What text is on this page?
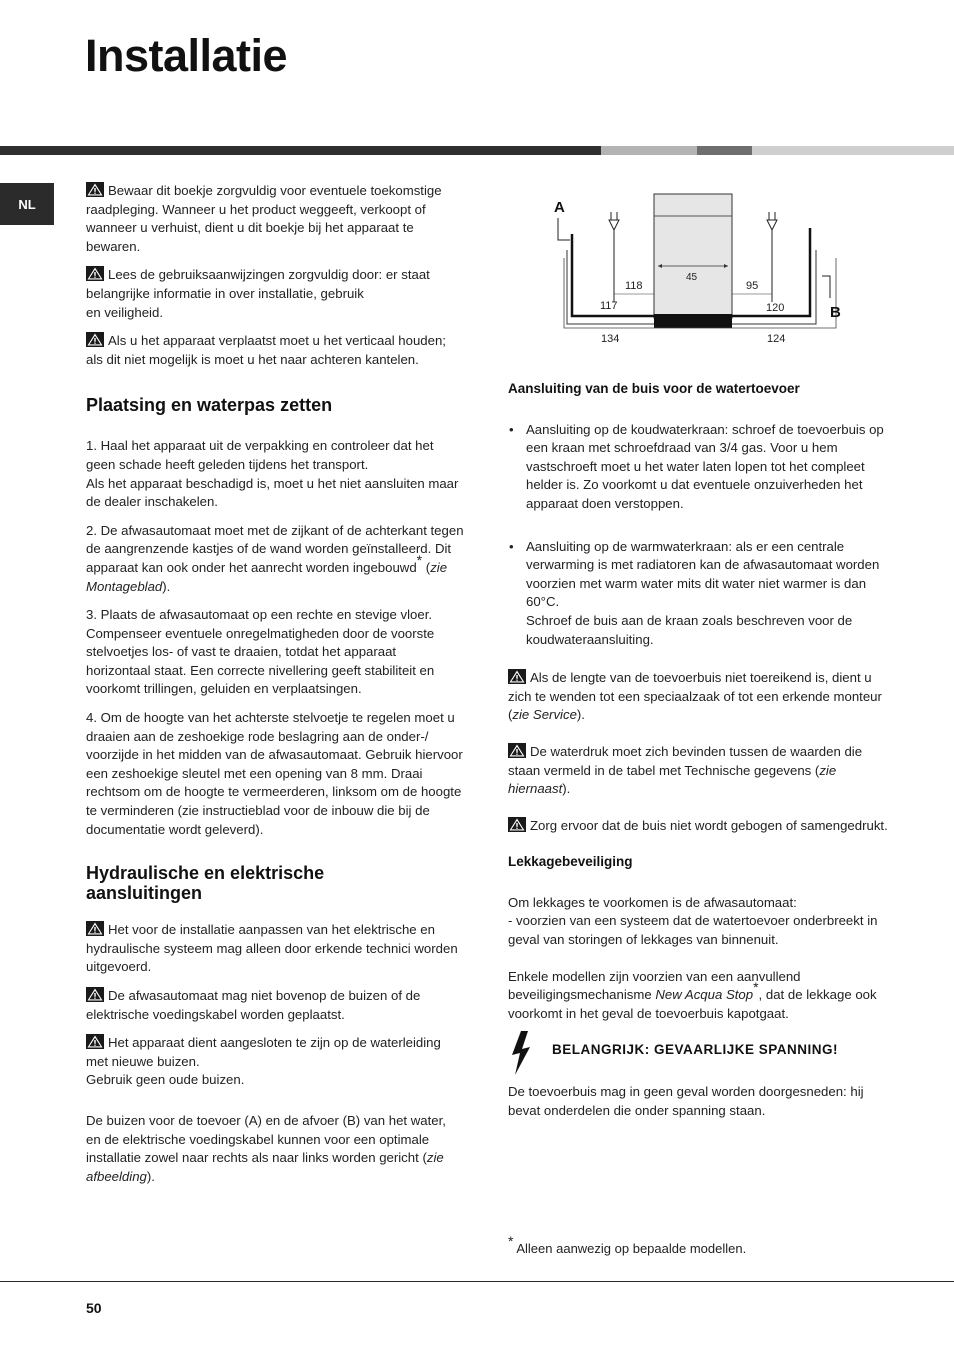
Installatie
NL

Bewaar dit boekje zorgvuldig voor eventuele toekomstige raadpleging. Wanneer u het product weggeeft, verkoopt of wanneer u verhuist, dient u dit boekje bij het apparaat te bewaren.

Lees de gebruiksaanwijzingen zorgvuldig door: er staat belangrijke informatie in over installatie, gebruik
en veiligheid.

Als u het apparaat verplaatst moet u het verticaal houden; als dit niet mogelijk is moet u het naar achteren kantelen.

Plaatsing en waterpas zetten

1. Haal het apparaat uit de verpakking en controleer dat het geen schade heeft geleden tijdens het transport.
Als het apparaat beschadigd is, moet u het niet aansluiten maar de dealer inschakelen.

2. De afwasautomaat moet met de zijkant of de achterkant tegen de aangrenzende kastjes of de wand worden geïnstalleerd. Dit apparaat kan ook onder het aanrecht worden ingebouwd* (zie Montageblad).

3. Plaats de afwasautomaat op een rechte en stevige vloer. Compenseer eventuele onregelmatigheden door de voorste stelvoetjes los- of vast te draaien, totdat het apparaat horizontaal staat. Een correcte nivellering geeft stabiliteit en voorkomt trillingen, geluiden en verplaatsingen.

4. Om de hoogte van het achterste stelvoetje te regelen moet u draaien aan de zeshoekige rode beslagring aan de onder-/ voorzijde in het midden van de afwasautomaat. Gebruik hiervoor een zeshoekige sleutel met een opening van 8 mm. Draai rechtsom om de hoogte te vermeerderen, linksom om de hoogte te verminderen (zie instructieblad voor de inbouw die bij de documentatie wordt geleverd).

Hydraulische en elektrische aansluitingen

Het voor de installatie aanpassen van het elektrische en hydraulische systeem mag alleen door erkende technici worden uitgevoerd.

De afwasautomaat mag niet bovenop de buizen of de elektrische voedingskabel worden geplaatst.

Het apparaat dient aangesloten te zijn op de waterleiding met nieuwe buizen.
Gebruik geen oude buizen.

De buizen voor de toevoer (A) en de afvoer (B) van het water, en de elektrische voedingskabel kunnen voor een optimale installatie zowel naar rechts als naar links worden gericht (zie afbeelding).

A
B
45
118	95
117	120
134	124
Aansluiting van de buis voor de watertoevoer
• Aansluiting op de koudwaterkraan: schroef de toevoerbuis op een kraan met schroefdraad van 3/4 gas. Voor u hem vastschroeft moet u het water laten lopen tot het compleet helder is. Zo voorkomt u dat eventuele onzuiverheden het apparaat doen verstoppen.
• Aansluiting op de warmwaterkraan: als er een centrale verwarming is met radiatoren kan de afwasautomaat worden voorzien met warm water mits dit water niet warmer is dan 60°C.
Schroef de buis aan de kraan zoals beschreven voor de koudwateraansluiting.

Als de lengte van de toevoerbuis niet toereikend is, dient u zich te wenden tot een speciaalzaak of tot een erkende monteur (zie Service).

De waterdruk moet zich bevinden tussen de waarden die staan vermeld in de tabel met Technische gegevens (zie hiernaast).

Zorg ervoor dat de buis niet wordt gebogen of samengedrukt.

Lekkagebeveiliging

Om lekkages te voorkomen is de afwasautomaat:
- voorzien van een systeem dat de watertoevoer onderbreekt in geval van storingen of lekkages van binnenuit.

Enkele modellen zijn voorzien van een aanvullend beveiligingsmechanisme New Acqua Stop*, dat de lekkage ook voorkomt in het geval de toevoerbuis kapotgaat.

BELANGRIJK: GEVAARLIJKE SPANNING!

De toevoerbuis mag in geen geval worden doorgesneden: hij bevat onderdelen die onder spanning staan.

* Alleen aanwezig op bepaalde modellen.
50
